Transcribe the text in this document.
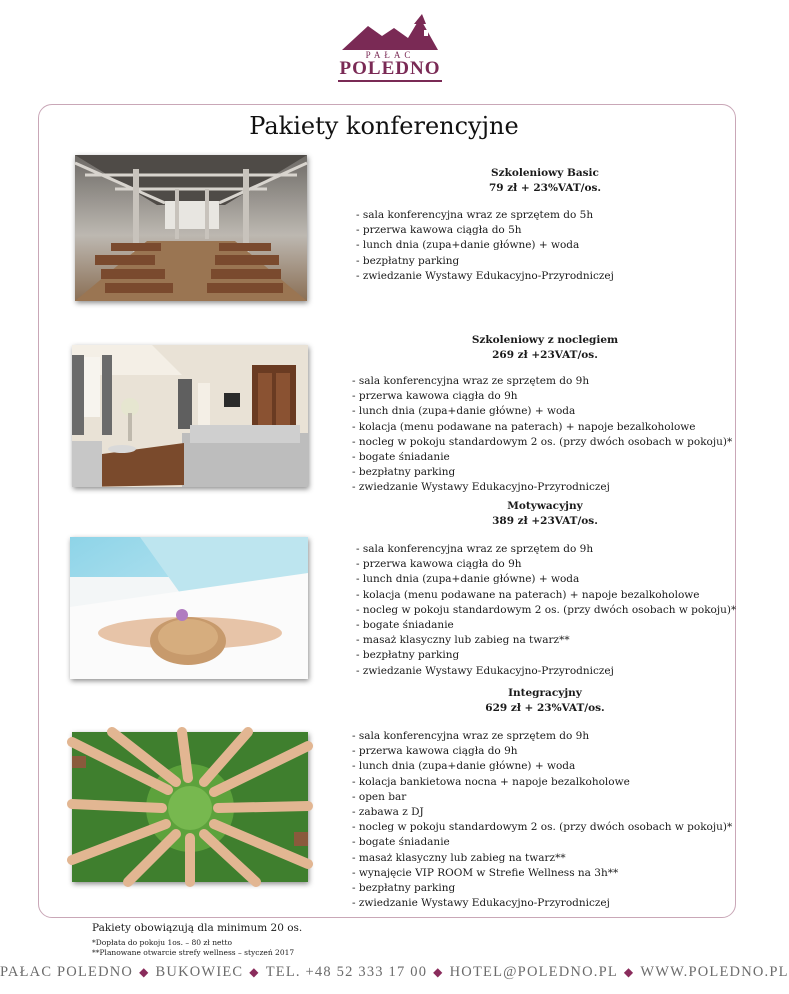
PAŁAC
POLEDNO
Pakiety konferencyjne
Szkoleniowy Basic
79 zł + 23%VAT/os.
- sala konferencyjna wraz ze sprzętem do 5h
- przerwa kawowa ciągła do 5h
- lunch dnia (zupa+danie główne) + woda
- bezpłatny parking
- zwiedzanie Wystawy Edukacyjno-Przyrodniczej
Szkoleniowy z noclegiem
269 zł +23VAT/os.
- sala konferencyjna wraz ze sprzętem do 9h
- przerwa kawowa ciągła do 9h
- lunch dnia (zupa+danie główne) + woda
- kolacja (menu podawane na paterach) + napoje bezalkoholowe
- nocleg w pokoju standardowym 2 os. (przy dwóch osobach w pokoju)*
- bogate śniadanie
- bezpłatny parking
- zwiedzanie Wystawy Edukacyjno-Przyrodniczej
Motywacyjny
389 zł +23VAT/os.
- sala konferencyjna wraz ze sprzętem do 9h
- przerwa kawowa ciągła do 9h
- lunch dnia (zupa+danie główne) + woda
- kolacja (menu podawane na paterach) + napoje bezalkoholowe
- nocleg w pokoju standardowym 2 os. (przy dwóch osobach w pokoju)*
- bogate śniadanie
- masaż klasyczny lub zabieg na twarz**
- bezpłatny parking
- zwiedzanie Wystawy Edukacyjno-Przyrodniczej
Integracyjny
629 zł + 23%VAT/os.
- sala konferencyjna wraz ze sprzętem do 9h
- przerwa kawowa ciągła do 9h
- lunch dnia (zupa+danie główne) + woda
- kolacja bankietowa nocna + napoje bezalkoholowe
- open bar
- zabawa z DJ
- nocleg w pokoju standardowym 2 os. (przy dwóch osobach w pokoju)*
- bogate śniadanie
- masaż klasyczny lub zabieg na twarz**
- wynajęcie VIP ROOM w Strefie Wellness na 3h**
- bezpłatny parking
- zwiedzanie Wystawy Edukacyjno-Przyrodniczej
Pakiety obowiązują dla minimum 20 os.
*Dopłata do pokoju 1os. – 80 zł netto
**Planowane otwarcie strefy wellness – styczeń 2017
PAŁAC POLEDNO ◆ BUKOWIEC ◆ TEL. +48 52 333 17 00 ◆ HOTEL@POLEDNO.PL ◆ WWW.POLEDNO.PL
